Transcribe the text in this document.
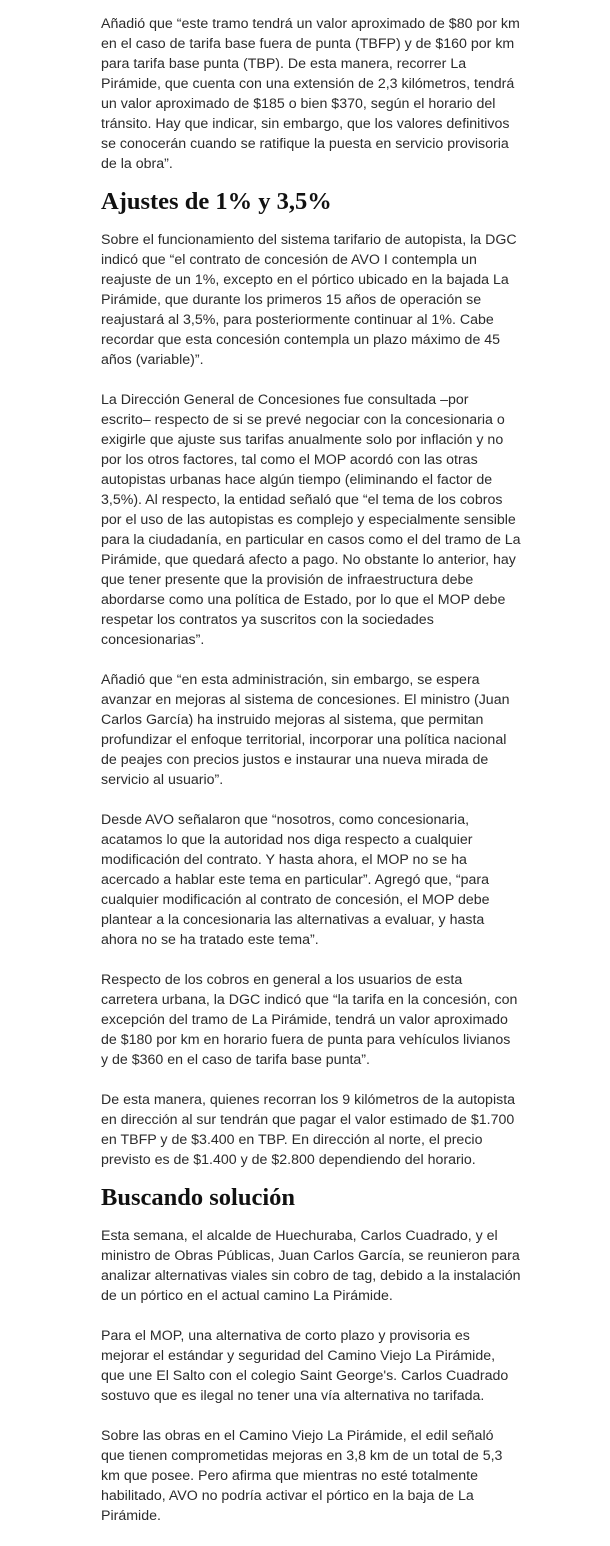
Añadió que “este tramo tendrá un valor aproximado de $80 por km en el caso de tarifa base fuera de punta (TBFP) y de $160 por km para tarifa base punta (TBP). De esta manera, recorrer La Pirámide, que cuenta con una extensión de 2,3 kilómetros, tendrá un valor aproximado de $185 o bien $370, según el horario del tránsito. Hay que indicar, sin embargo, que los valores definitivos se conocerán cuando se ratifique la puesta en servicio provisoria de la obra”.

Ajustes de 1% y 3,5%

Sobre el funcionamiento del sistema tarifario de autopista, la DGC indicó que “el contrato de concesión de AVO I contempla un reajuste de un 1%, excepto en el pórtico ubicado en la bajada La Pirámide, que durante los primeros 15 años de operación se reajustará al 3,5%, para posteriormente continuar al 1%. Cabe recordar que esta concesión contempla un plazo máximo de 45 años (variable)”.

La Dirección General de Concesiones fue consultada –por escrito– respecto de si se prevé negociar con la concesionaria o exigirle que ajuste sus tarifas anualmente solo por inflación y no por los otros factores, tal como el MOP acordó con las otras autopistas urbanas hace algún tiempo (eliminando el factor de 3,5%). Al respecto, la entidad señaló que “el tema de los cobros por el uso de las autopistas es complejo y especialmente sensible para la ciudadanía, en particular en casos como el del tramo de La Pirámide, que quedará afecto a pago. No obstante lo anterior, hay que tener presente que la provisión de infraestructura debe abordarse como una política de Estado, por lo que el MOP debe respetar los contratos ya suscritos con la sociedades concesionarias”.

Añadió que “en esta administración, sin embargo, se espera avanzar en mejoras al sistema de concesiones. El ministro (Juan Carlos García) ha instruido mejoras al sistema, que permitan profundizar el enfoque territorial, incorporar una política nacional de peajes con precios justos e instaurar una nueva mirada de servicio al usuario”.

Desde AVO señalaron que “nosotros, como concesionaria, acatamos lo que la autoridad nos diga respecto a cualquier modificación del contrato. Y hasta ahora, el MOP no se ha acercado a hablar este tema en particular”. Agregó que, “para cualquier modificación al contrato de concesión, el MOP debe plantear a la concesionaria las alternativas a evaluar, y hasta ahora no se ha tratado este tema”.

Respecto de los cobros en general a los usuarios de esta carretera urbana, la DGC indicó que “la tarifa en la concesión, con excepción del tramo de La Pirámide, tendrá un valor aproximado de $180 por km en horario fuera de punta para vehículos livianos y de $360 en el caso de tarifa base punta”.

De esta manera, quienes recorran los 9 kilómetros de la autopista en dirección al sur tendrán que pagar el valor estimado de $1.700 en TBFP y de $3.400 en TBP. En dirección al norte, el precio previsto es de $1.400 y de $2.800 dependiendo del horario.

Buscando solución

Esta semana, el alcalde de Huechuraba, Carlos Cuadrado, y el ministro de Obras Públicas, Juan Carlos García, se reunieron para analizar alternativas viales sin cobro de tag, debido a la instalación de un pórtico en el actual camino La Pirámide.

Para el MOP, una alternativa de corto plazo y provisoria es mejorar el estándar y seguridad del Camino Viejo La Pirámide, que une El Salto con el colegio Saint George's. Carlos Cuadrado sostuvo que es ilegal no tener una vía alternativa no tarifada.

Sobre las obras en el Camino Viejo La Pirámide, el edil señaló que tienen comprometidas mejoras en 3,8 km de un total de 5,3 km que posee. Pero afirma que mientras no esté totalmente habilitado, AVO no podría activar el pórtico en la baja de La Pirámide.
